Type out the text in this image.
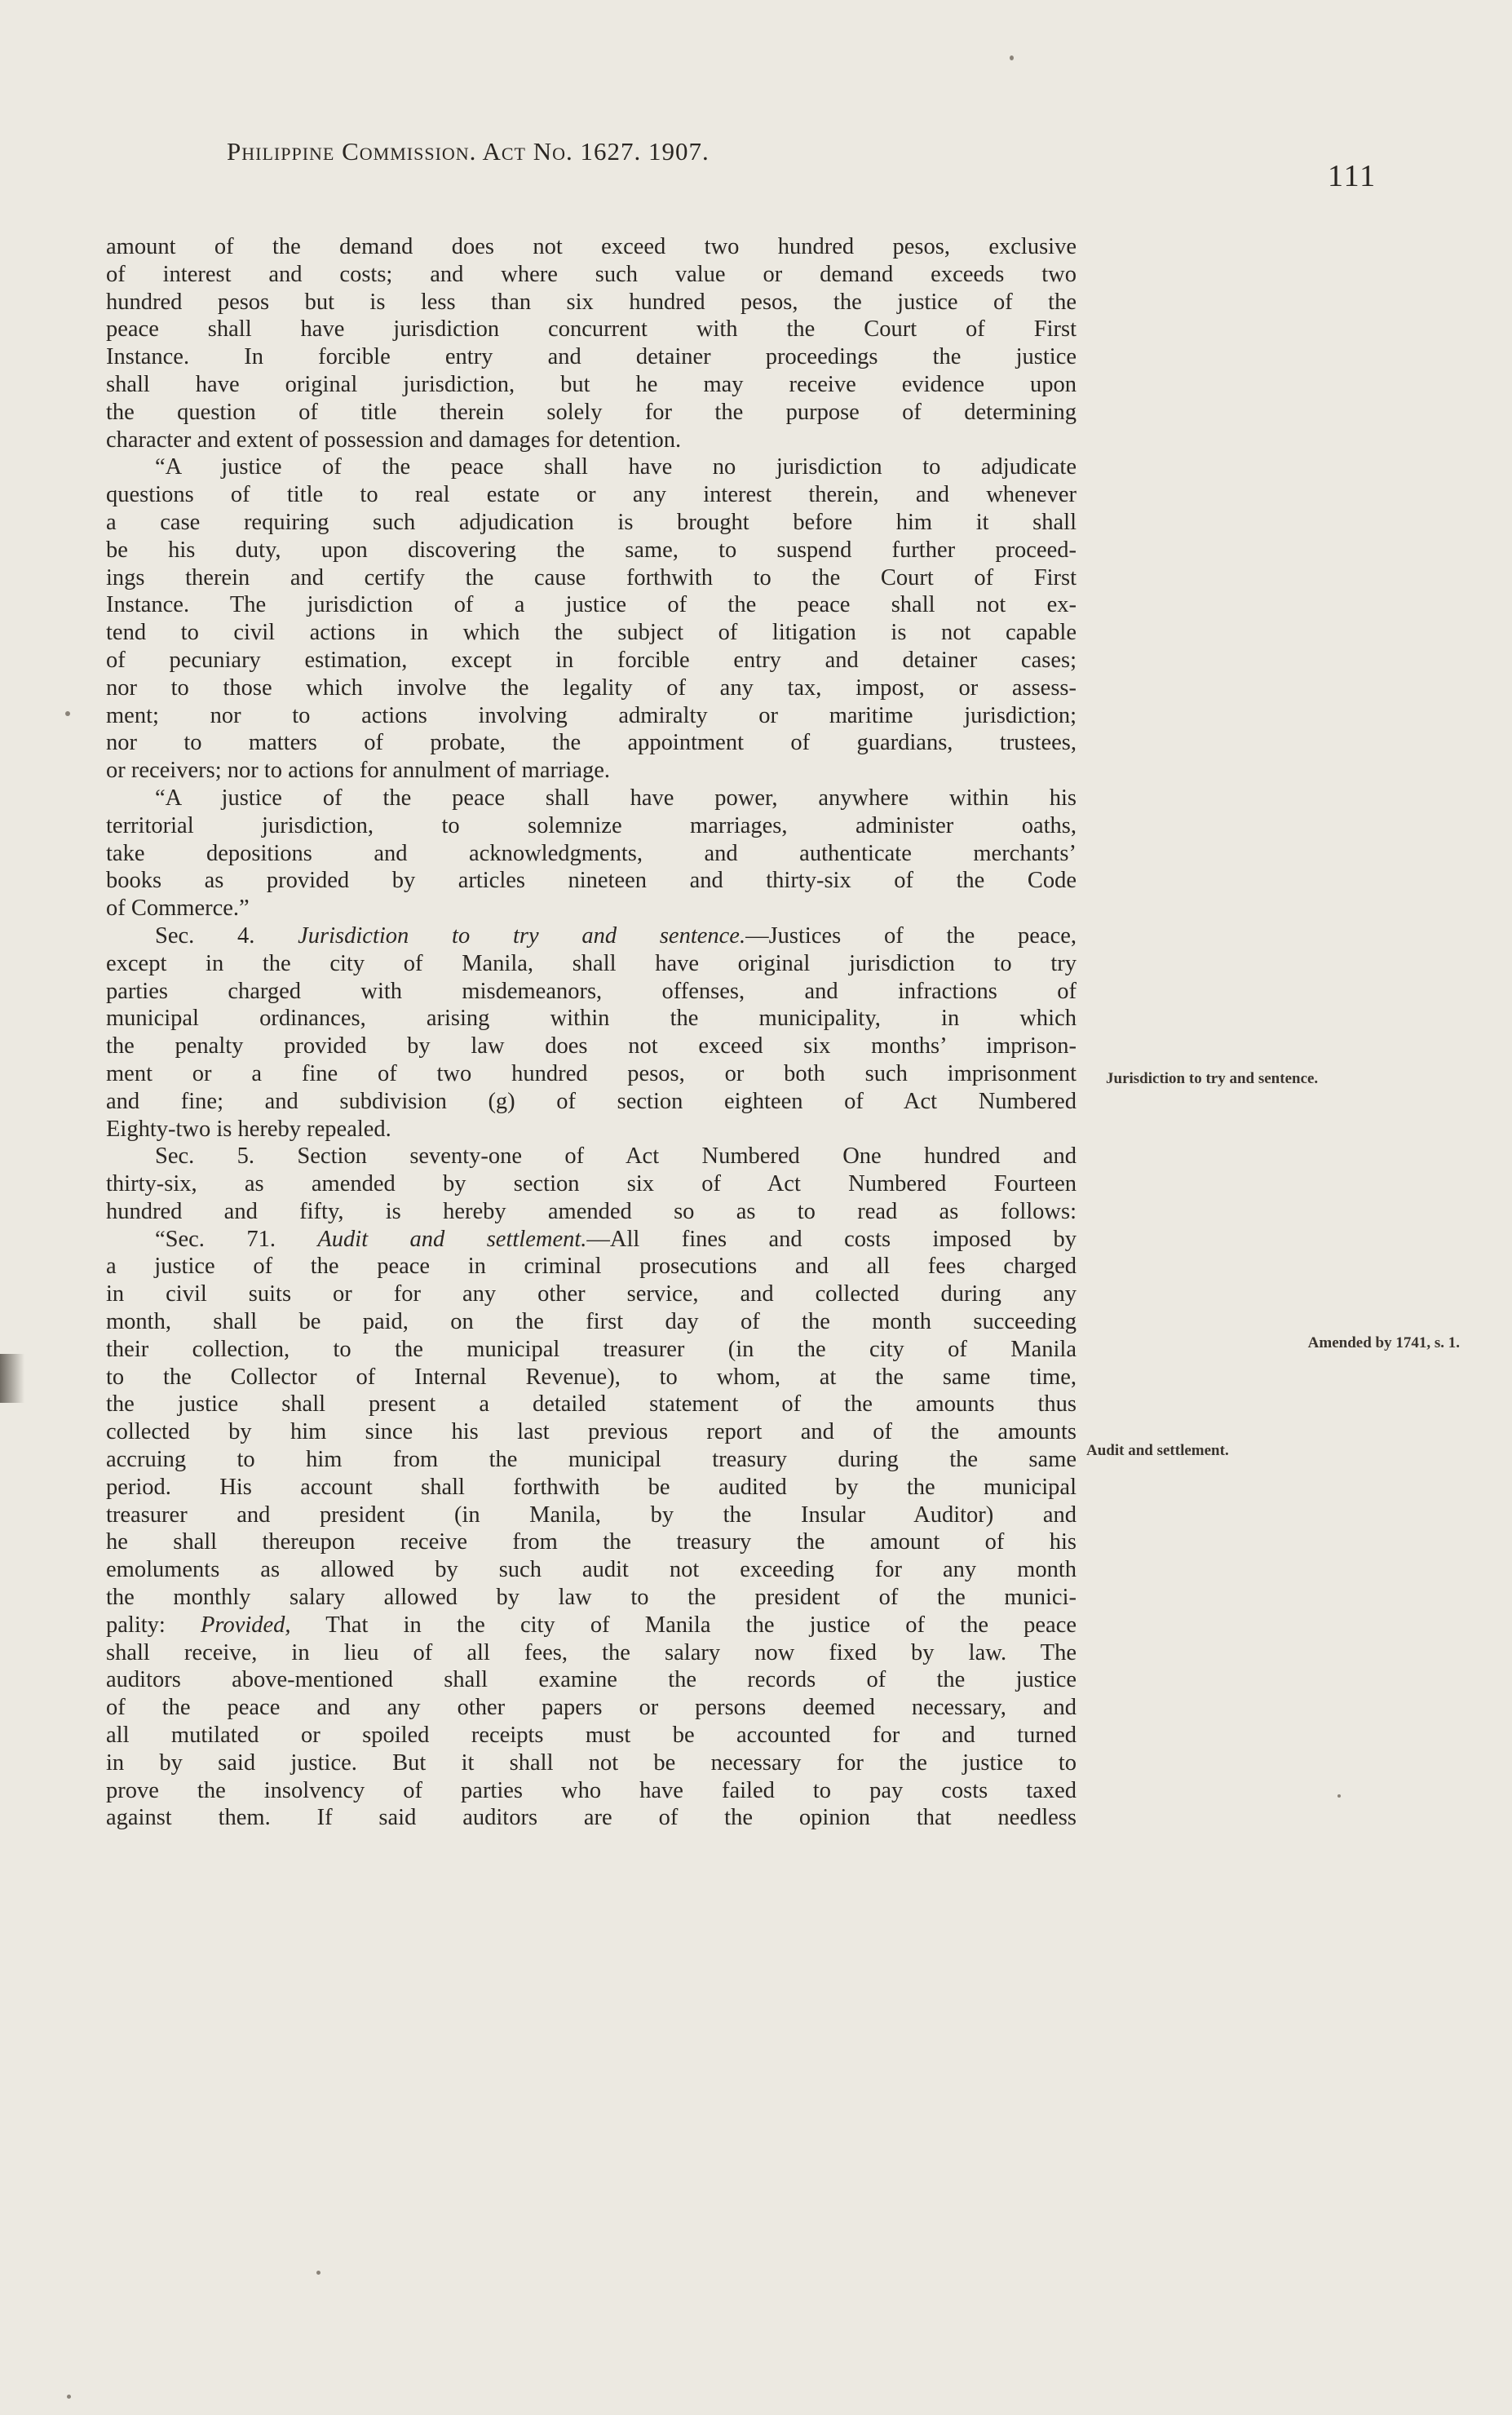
Philippine Commission. Act No. 1627. 1907.
111
amount of the demand does not exceed two hundred pesos, exclusive
of interest and costs; and where such value or demand exceeds two
hundred pesos but is less than six hundred pesos, the justice of the
peace shall have jurisdiction concurrent with the Court of First
Instance. In forcible entry and detainer proceedings the justice
shall have original jurisdiction, but he may receive evidence upon
the question of title therein solely for the purpose of determining
character and extent of possession and damages for detention.
“A justice of the peace shall have no jurisdiction to adjudicate
questions of title to real estate or any interest therein, and whenever
a case requiring such adjudication is brought before him it shall
be his duty, upon discovering the same, to suspend further proceed-
ings therein and certify the cause forthwith to the Court of First
Instance. The jurisdiction of a justice of the peace shall not ex-
tend to civil actions in which the subject of litigation is not capable
of pecuniary estimation, except in forcible entry and detainer cases;
nor to those which involve the legality of any tax, impost, or assess-
ment; nor to actions involving admiralty or maritime jurisdiction;
nor to matters of probate, the appointment of guardians, trustees,
or receivers; nor to actions for annulment of marriage.
“A justice of the peace shall have power, anywhere within his
territorial jurisdiction, to solemnize marriages, administer oaths,
take depositions and acknowledgments, and authenticate merchants’
books as provided by articles nineteen and thirty-six of the Code
of Commerce.”
Sec. 4. Jurisdiction to try and sentence.—Justices of the peace,
except in the city of Manila, shall have original jurisdiction to try
parties charged with misdemeanors, offenses, and infractions of
municipal ordinances, arising within the municipality, in which
the penalty provided by law does not exceed six months’ imprison-
ment or a fine of two hundred pesos, or both such imprisonment
and fine; and subdivision (g) of section eighteen of Act Numbered
Eighty-two is hereby repealed.
Sec. 5. Section seventy-one of Act Numbered One hundred and
thirty-six, as amended by section six of Act Numbered Fourteen
hundred and fifty, is hereby amended so as to read as follows:
“Sec. 71. Audit and settlement.—All fines and costs imposed by
a justice of the peace in criminal prosecutions and all fees charged
in civil suits or for any other service, and collected during any
month, shall be paid, on the first day of the month succeeding
their collection, to the municipal treasurer (in the city of Manila
to the Collector of Internal Revenue), to whom, at the same time,
the justice shall present a detailed statement of the amounts thus
collected by him since his last previous report and of the amounts
accruing to him from the municipal treasury during the same
period. His account shall forthwith be audited by the municipal
treasurer and president (in Manila, by the Insular Auditor) and
he shall thereupon receive from the treasury the amount of his
emoluments as allowed by such audit not exceeding for any month
the monthly salary allowed by law to the president of the munici-
pality: Provided, That in the city of Manila the justice of the peace
shall receive, in lieu of all fees, the salary now fixed by law. The
auditors above-mentioned shall examine the records of the justice
of the peace and any other papers or persons deemed necessary, and
all mutilated or spoiled receipts must be accounted for and turned
in by said justice. But it shall not be necessary for the justice to
prove the insolvency of parties who have failed to pay costs taxed
against them. If said auditors are of the opinion that needless
Jurisdiction to try and sentence.
Amended by 1741, s. 1.
Audit and settlement.
